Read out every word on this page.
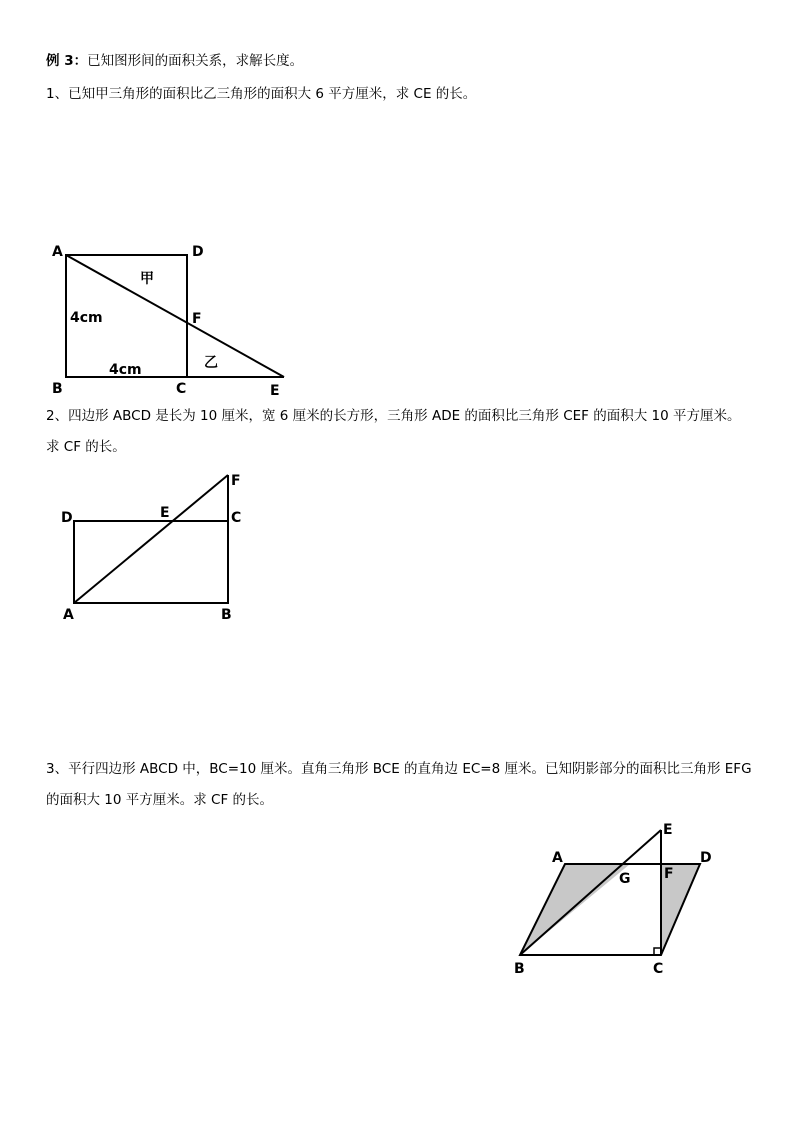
例 3：已知图形间的面积关系，求解长度。
1、已知甲三角形的面积比乙三角形的面积大 6 平方厘米，求 CE 的长。
2、四边形 ABCD 是长为 10 厘米，宽 6 厘米的长方形，三角形 ADE 的面积比三角形 CEF 的面积大 10 平方厘米。
求 CF 的长。
3、平行四边形 ABCD 中，BC=10 厘米。直角三角形 BCE 的直角边 EC=8 厘米。已知阴影部分的面积比三角形 EFG
的面积大 10 平方厘米。求 CF 的长。
A	D
B	C	E
F
甲
乙
4cm
4cm
D
F
E	C
A	B
E
A	D
G F
B	C
